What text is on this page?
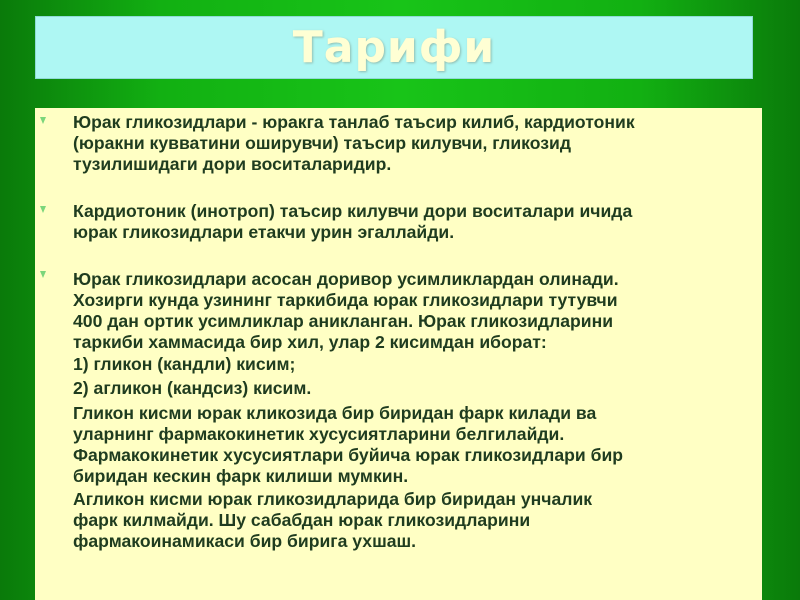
Тарифи

Юрак гликозидлари - юракга танлаб таъсир килиб, кардиотоник
(юракни кувватини оширувчи) таъсир килувчи, гликозид
тузилишидаги дори воситаларидир.

Кардиотоник (инотроп) таъсир килувчи дори воситалари ичида
юрак гликозидлари етакчи урин эгаллайди.

Юрак гликозидлари асосан доривор усимликлардан олинади.
Хозирги кунда узининг таркибида юрак гликозидлари тутувчи
400 дан ортик усимликлар аникланган. Юрак гликозидларини
таркиби хаммасида бир хил, улар 2 кисимдан иборат:

1) гликон (кандли) кисим;

2) агликон (кандсиз) кисим.

Гликон кисми юрак кликозида бир биридан фарк килади ва
уларнинг фармакокинетик хусусиятларини белгилайди.
Фармакокинетик хусусиятлари буйича юрак гликозидлари бир
биридан кескин фарк килиши мумкин.

Агликон кисми юрак гликозидларида бир биридан унчалик
фарк килмайди. Шу сабабдан юрак гликозидларини
фармакоинамикаси бир бирига ухшаш.
